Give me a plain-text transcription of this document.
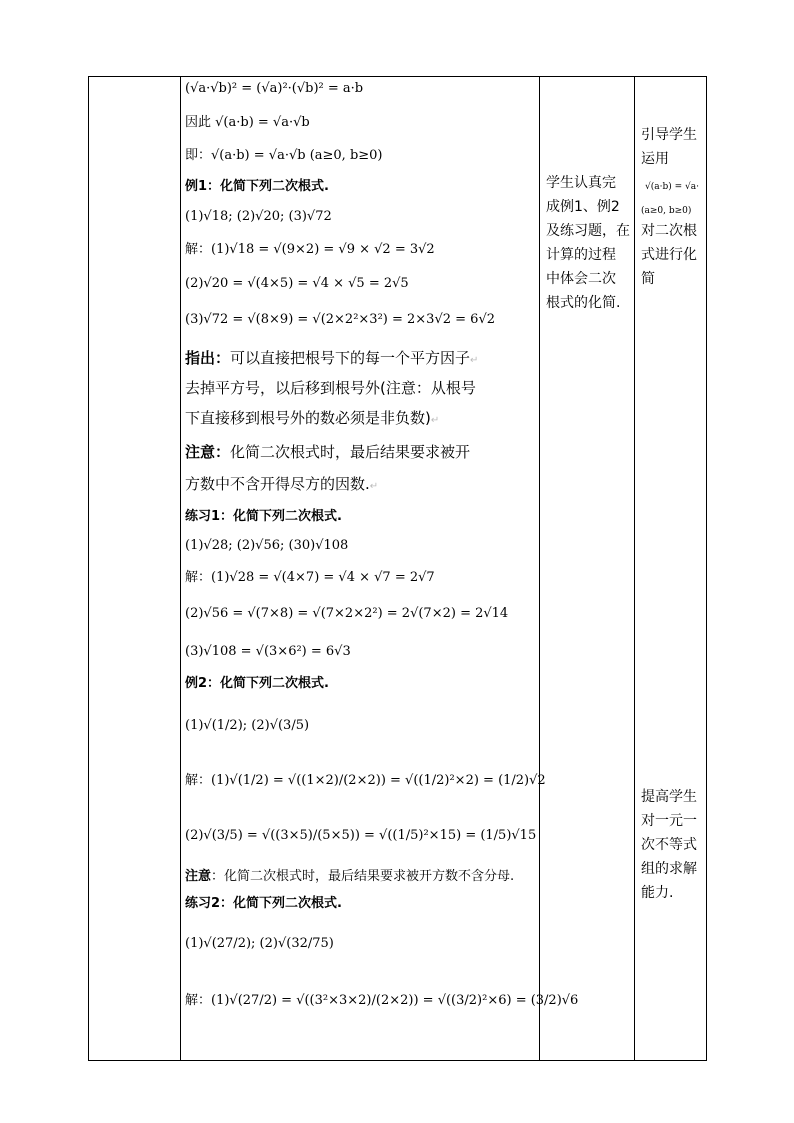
(√a·√b)² = (√a)²·(√b)² = a·b
因此 √(a·b) = √a·√b
即：√(a·b) = √a·√b (a≥0, b≥0)
例1：化简下列二次根式.
(1)√18; (2)√20; (3)√72
解：(1)√18 = √(9×2) = √9 × √2 = 3√2
(2)√20 = √(4×5) = √4 × √5 = 2√5
(3)√72 = √(8×9) = √(2×2²×3²) = 2×3√2 = 6√2
指出：可以直接把根号下的每一个平方因子↵
去掉平方号，以后移到根号外(注意：从根号
下直接移到根号外的数必须是非负数)↵
注意：化简二次根式时，最后结果要求被开
方数中不含开得尽方的因数.↵
练习1：化简下列二次根式.
(1)√28; (2)√56; (30)√108
解：(1)√28 = √(4×7) = √4 × √7 = 2√7
(2)√56 = √(7×8) = √(7×2×2²) = 2√(7×2) = 2√14
(3)√108 = √(3×6²) = 6√3
例2：化简下列二次根式.
(1)√(1/2); (2)√(3/5)
解：(1)√(1/2) = √((1×2)/(2×2)) = √((1/2)²×2) = (1/2)√2
(2)√(3/5) = √((3×5)/(5×5)) = √((1/5)²×15) = (1/5)√15
注意：化简二次根式时，最后结果要求被开方数不含分母.
练习2：化简下列二次根式.
(1)√(27/2); (2)√(32/75)
解：(1)√(27/2) = √((3²×3×2)/(2×2)) = √((3/2)²×6) = (3/2)√6
学生认真完
成例1、例2
及练习题，在
计算的过程
中体会二次
根式的化简.
引导学生
运用
√(a·b) = √a·
(a≥0, b≥0)
对二次根
式进行化
简
提高学生
对一元一
次不等式
组的求解
能力.
